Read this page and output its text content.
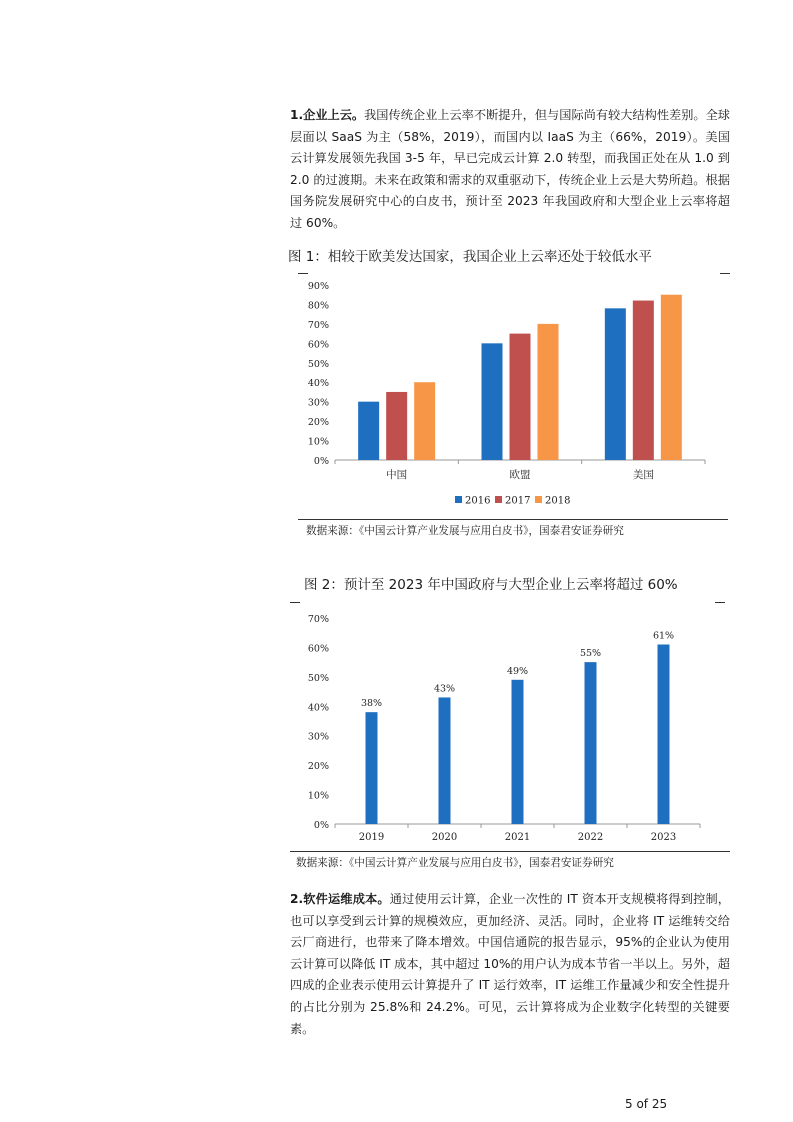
1.企业上云。我国传统企业上云率不断提升，但与国际尚有较大结构性差别。全球层面以 SaaS 为主（58%，2019），而国内以 IaaS 为主（66%，2019）。美国云计算发展领先我国 3-5 年，早已完成云计算 2.0 转型，而我国正处在从 1.0 到 2.0 的过渡期。未来在政策和需求的双重驱动下，传统企业上云是大势所趋。根据国务院发展研究中心的白皮书，预计至 2023 年我国政府和大型企业上云率将超过 60%。

图 1：相较于欧美发达国家，我国企业上云率还处于较低水平

0%
10%
20%
30%
40%
50%
60%
70%
80%
90%
中国	欧盟	美国
2016 2017 2018

数据来源：《中国云计算产业发展与应用白皮书》，国泰君安证券研究

图 2：预计至 2023 年中国政府与大型企业上云率将超过 60%

0%
10%
20%
30%
40%
50%
60%
70%
38%
2019
43%
2020
49%
2021
55%
2022
61%
2023

数据来源：《中国云计算产业发展与应用白皮书》，国泰君安证券研究

2.软件运维成本。通过使用云计算，企业一次性的 IT 资本开支规模将得到控制，也可以享受到云计算的规模效应，更加经济、灵活。同时，企业将 IT 运维转交给云厂商进行，也带来了降本增效。中国信通院的报告显示，95%的企业认为使用云计算可以降低 IT 成本，其中超过 10%的用户认为成本节省一半以上。另外，超四成的企业表示使用云计算提升了 IT 运行效率，IT 运维工作量减少和安全性提升的占比分别为 25.8%和 24.2%。可见，云计算将成为企业数字化转型的关键要素。

5 of 25
